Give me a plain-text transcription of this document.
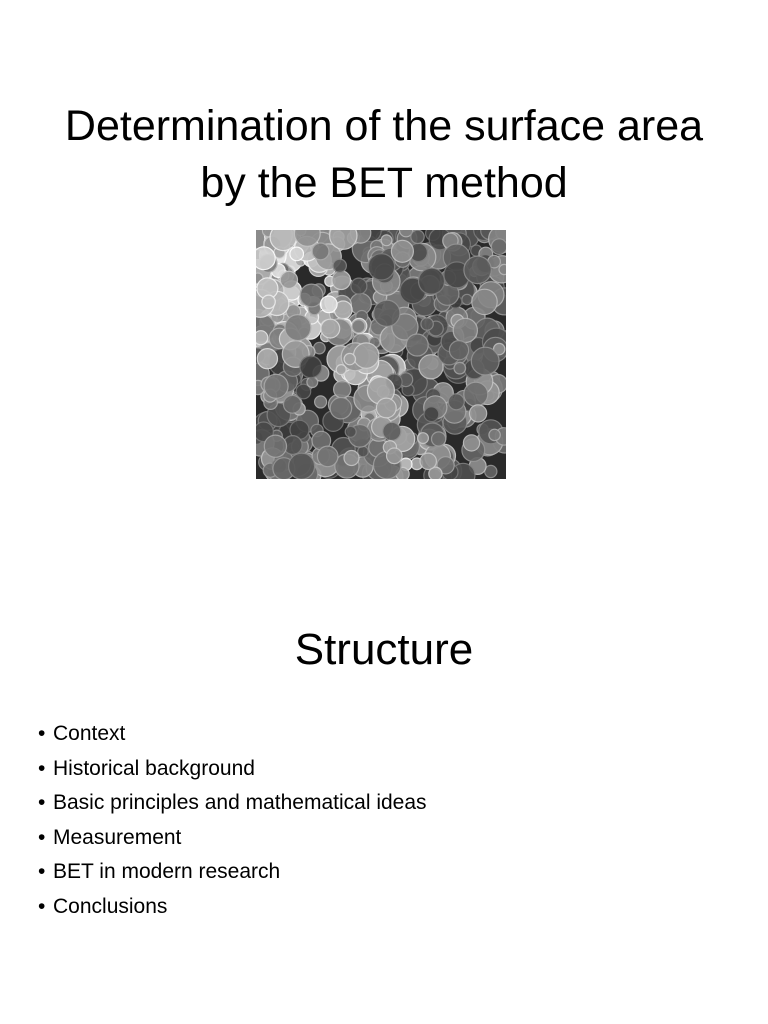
Determination of the surface area by the BET method
Structure
• Context
• Historical background
• Basic principles and mathematical ideas
• Measurement
• BET in modern research
• Conclusions
